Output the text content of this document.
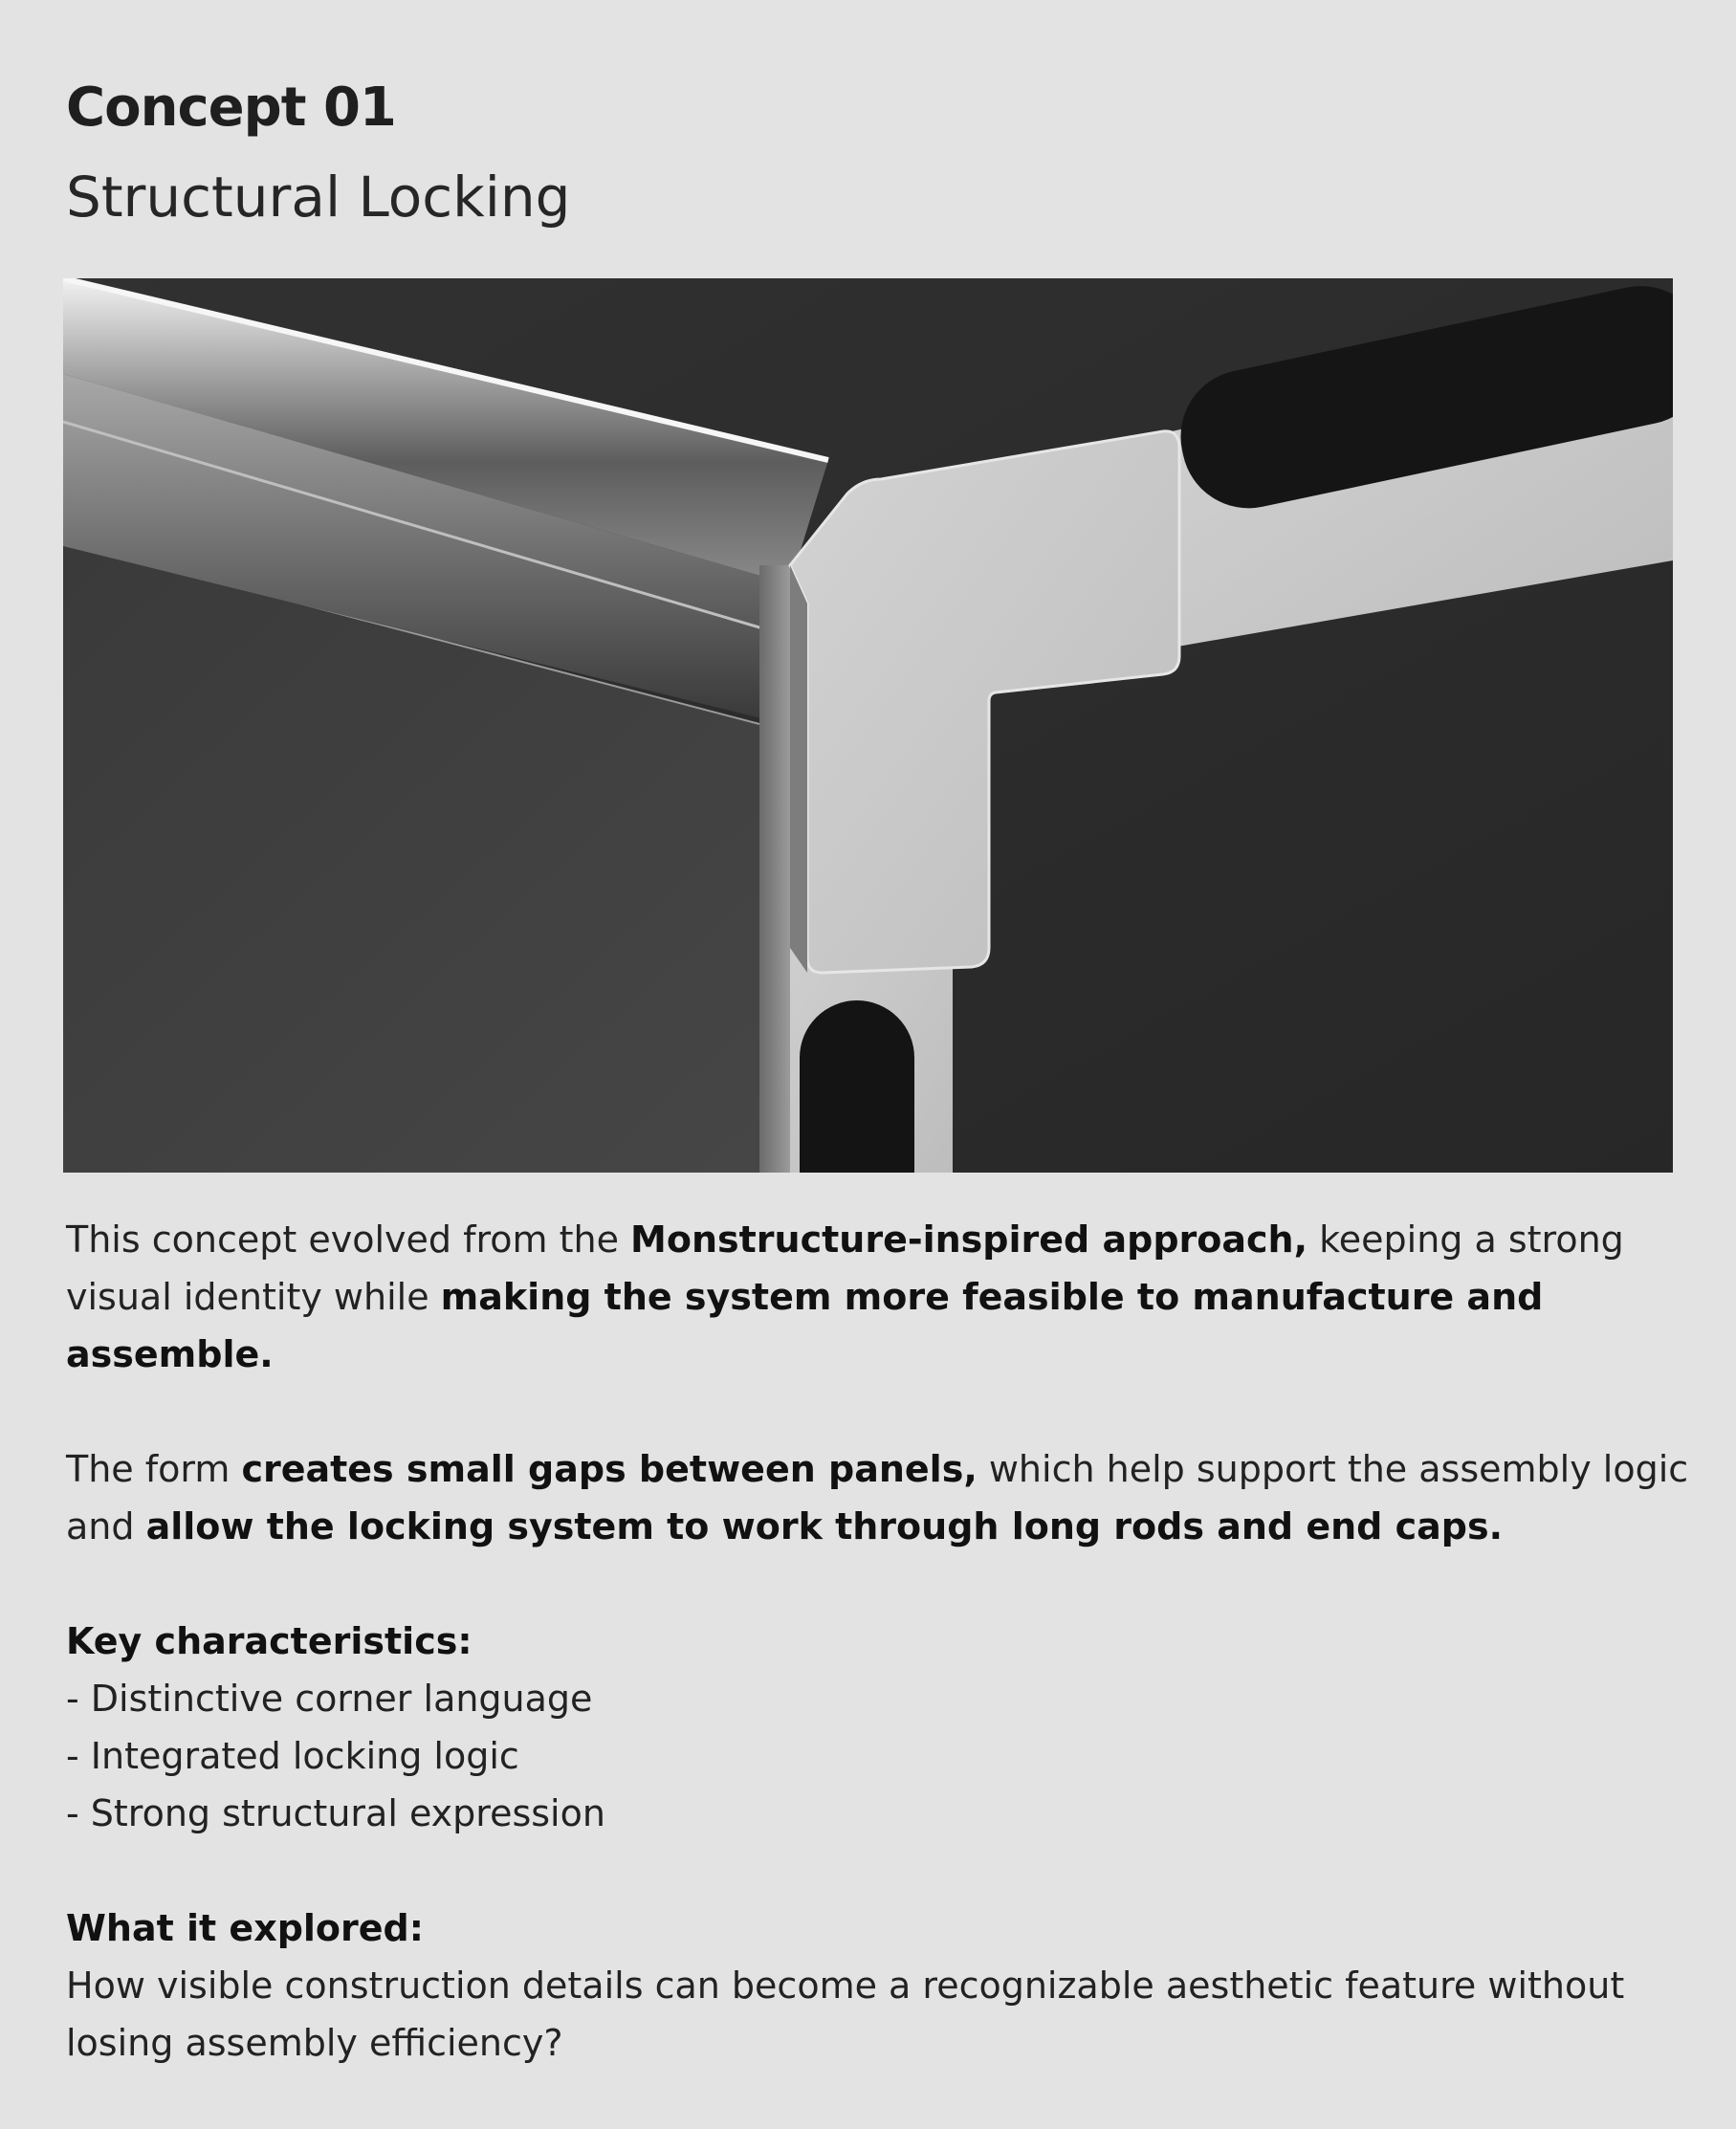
Concept 01
Structural Locking

This concept evolved from the Monstructure-inspired approach, keeping a strong visual identity while making the system more feasible to manufacture and assemble.

The form creates small gaps between panels, which help support the assembly logic and allow the locking system to work through long rods and end caps.

Key characteristics:

- Distinctive corner language

- Integrated locking logic

- Strong structural expression

What it explored:

How visible construction details can become a recognizable aesthetic feature without losing assembly efficiency?
